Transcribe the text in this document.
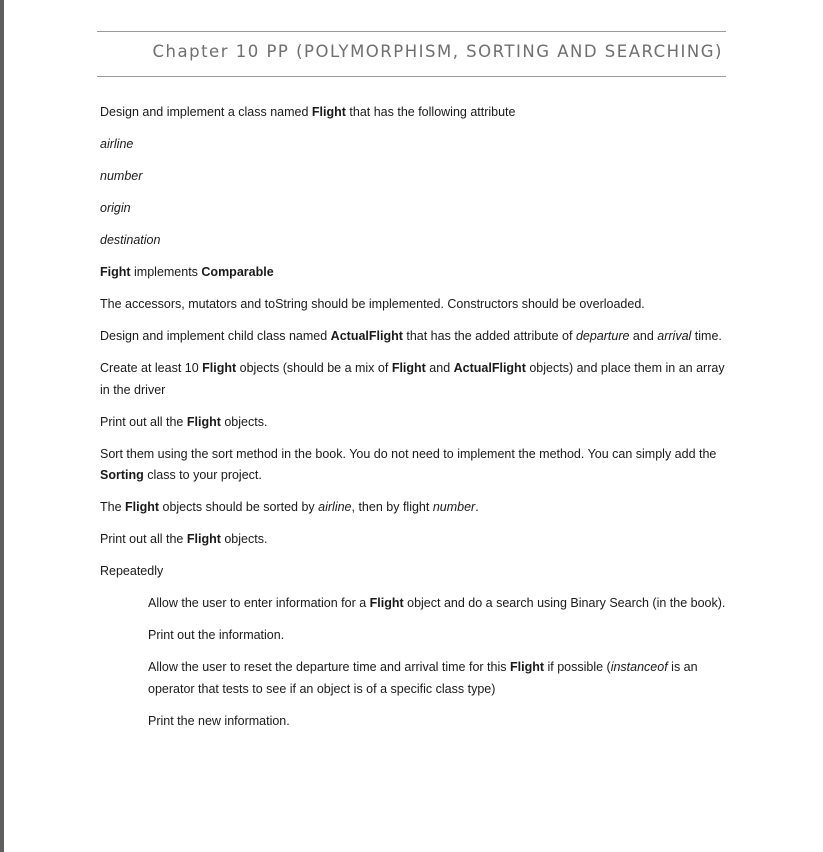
Chapter 10 PP (POLYMORPHISM, SORTING AND SEARCHING)

Design and implement a class named Flight that has the following attribute

airline

number

origin

destination

Fight implements Comparable

The accessors, mutators and toString should be implemented. Constructors should be overloaded.

Design and implement child class named ActualFlight that has the added attribute of departure and arrival time.

Create at least 10 Flight objects (should be a mix of Flight and ActualFlight objects) and place them in an array in the driver

Print out all the Flight objects.

Sort them using the sort method in the book. You do not need to implement the method. You can simply add the Sorting class to your project.

The Flight objects should be sorted by airline, then by flight number.

Print out all the Flight objects.

Repeatedly

Allow the user to enter information for a Flight object and do a search using Binary Search (in the book).

Print out the information.

Allow the user to reset the departure time and arrival time for this Flight if possible (instanceof is an operator that tests to see if an object is of a specific class type)

Print the new information.
